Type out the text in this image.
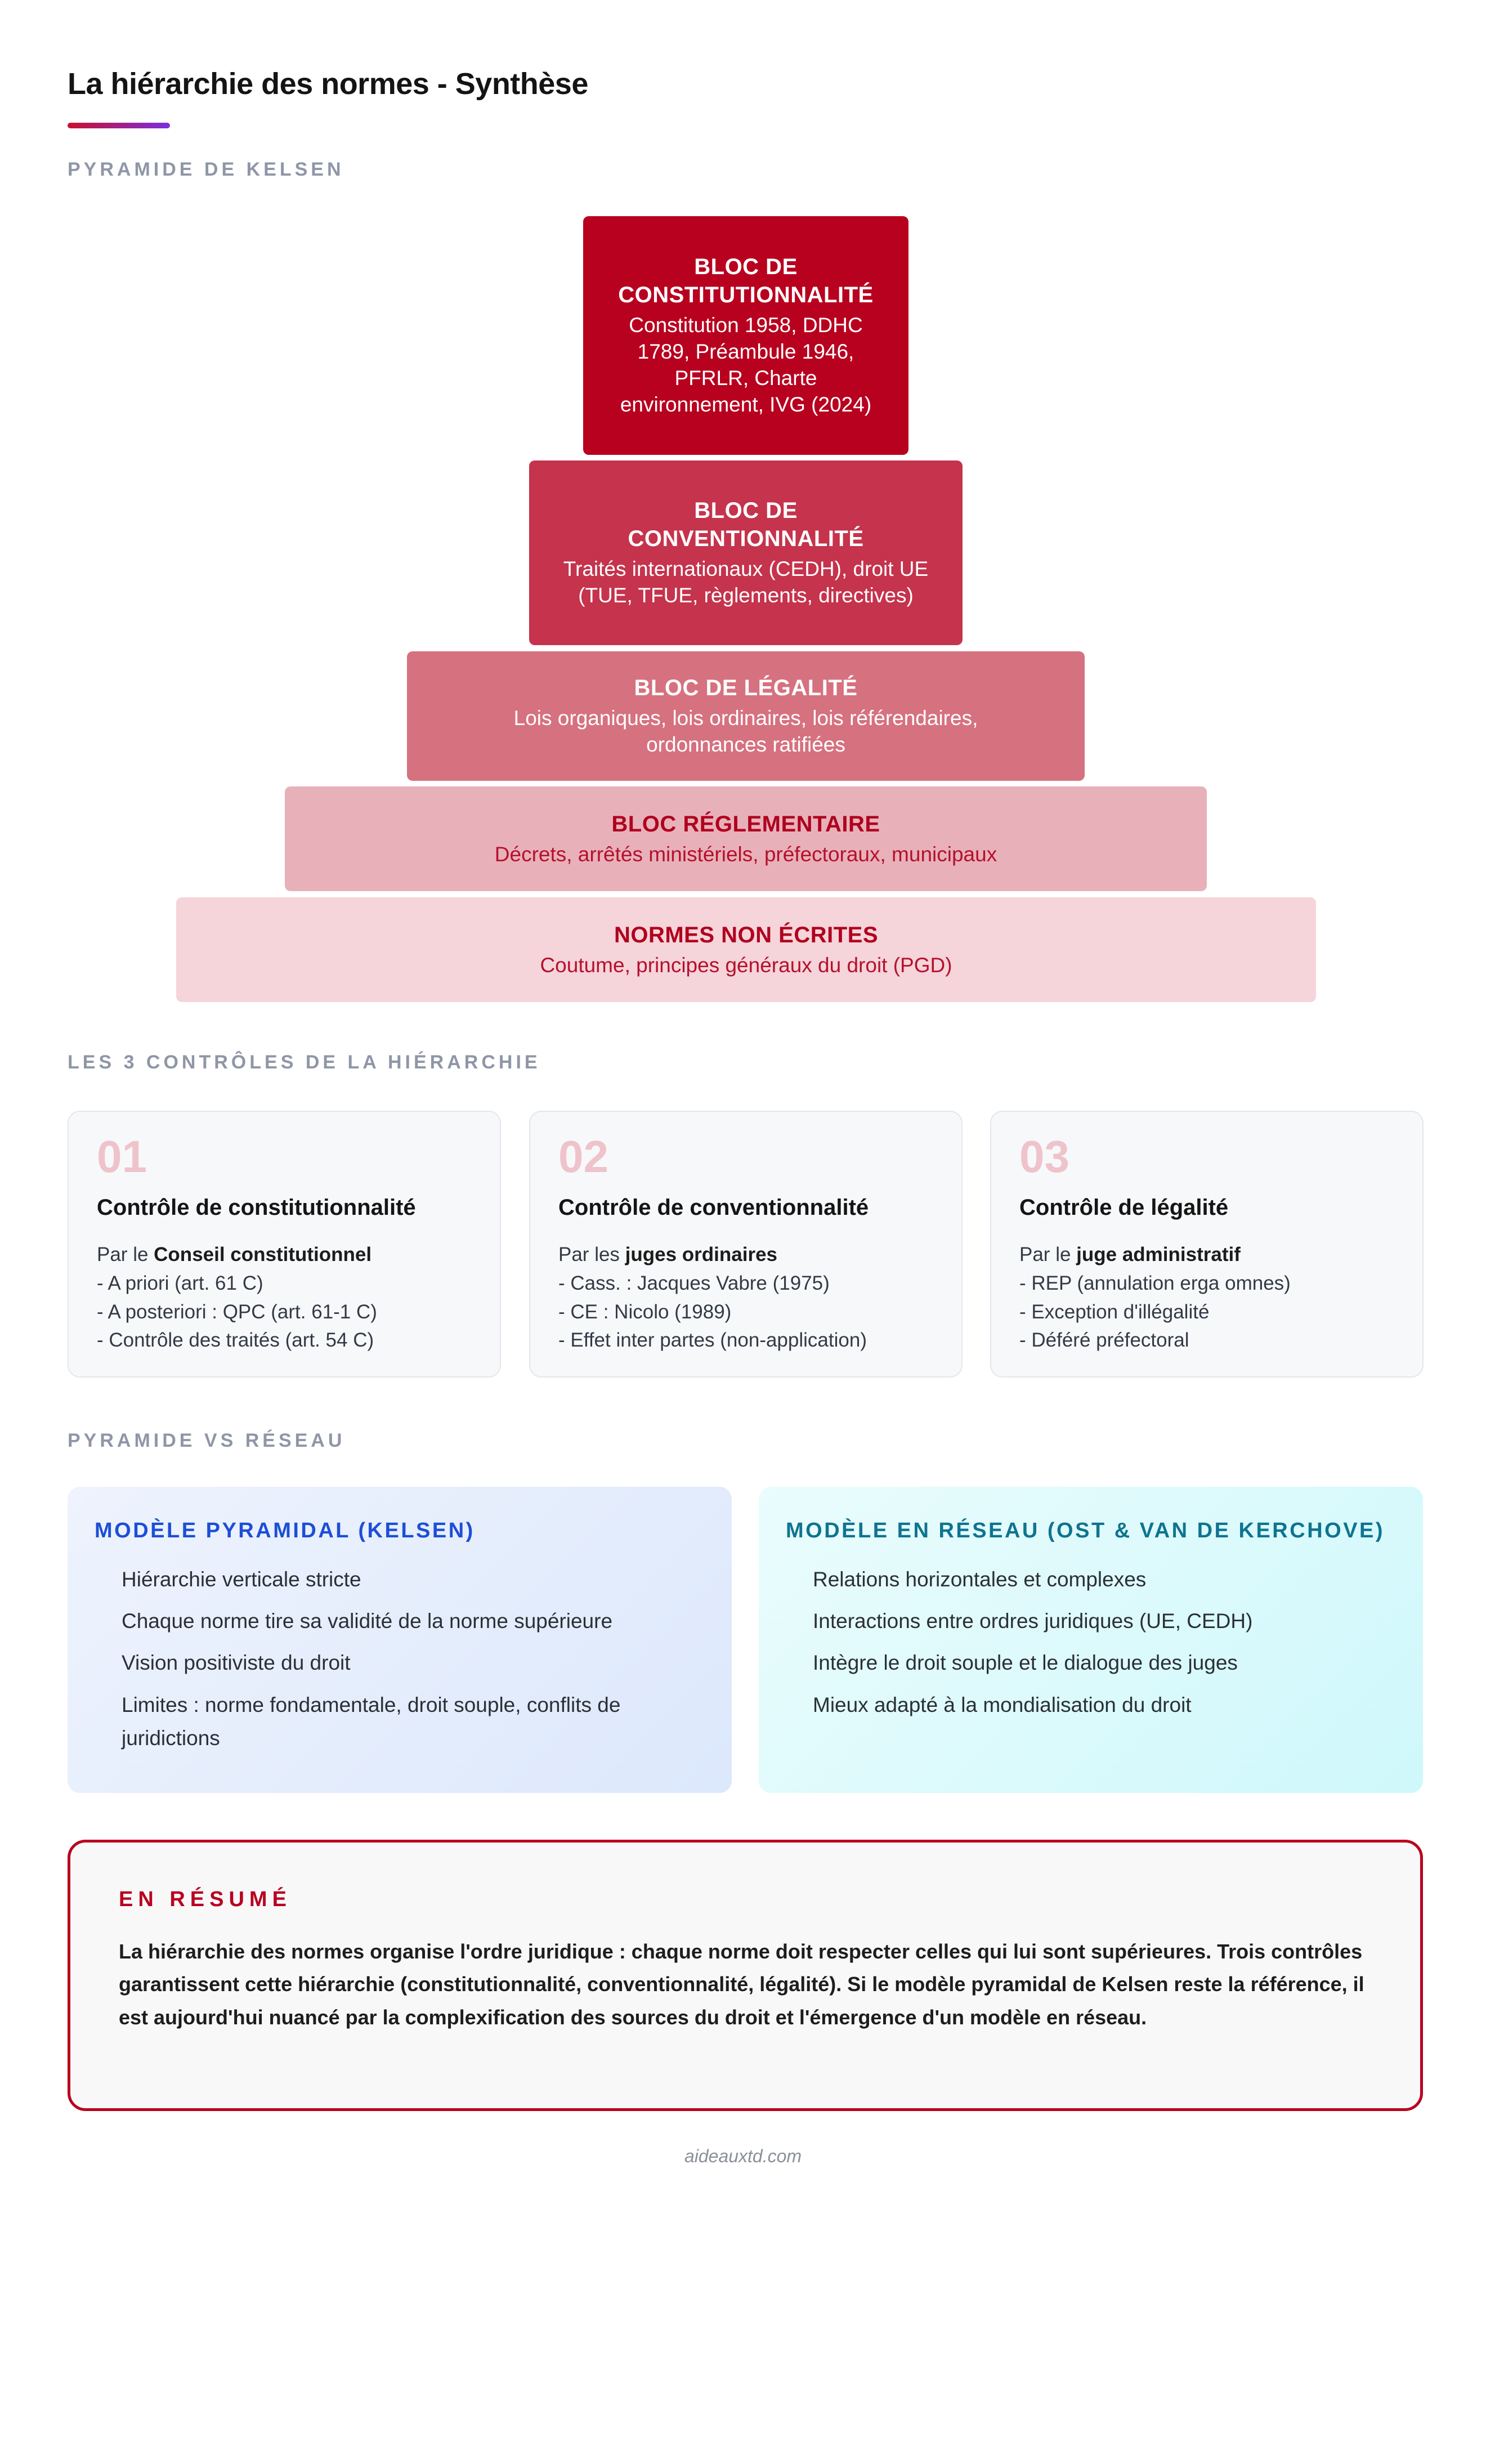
La hiérarchie des normes - Synthèse
PYRAMIDE DE KELSEN
BLOC DE CONSTITUTIONNALITÉ
Constitution 1958, DDHC 1789, Préambule 1946, PFRLR, Charte environnement, IVG (2024)
BLOC DE CONVENTIONNALITÉ
Traités internationaux (CEDH), droit UE (TUE, TFUE, règlements, directives)
BLOC DE LÉGALITÉ
Lois organiques, lois ordinaires, lois référendaires, ordonnances ratifiées
BLOC RÉGLEMENTAIRE
Décrets, arrêtés ministériels, préfectoraux, municipaux
NORMES NON ÉCRITES
Coutume, principes généraux du droit (PGD)
LES 3 CONTRÔLES DE LA HIÉRARCHIE
01
Contrôle de constitutionnalité
Par le Conseil constitutionnel
- A priori (art. 61 C)
- A posteriori : QPC (art. 61-1 C)
- Contrôle des traités (art. 54 C)
02
Contrôle de conventionnalité
Par les juges ordinaires
- Cass. : Jacques Vabre (1975)
- CE : Nicolo (1989)
- Effet inter partes (non-application)
03
Contrôle de légalité
Par le juge administratif
- REP (annulation erga omnes)
- Exception d'illégalité
- Déféré préfectoral
PYRAMIDE VS RÉSEAU
MODÈLE PYRAMIDAL (KELSEN)
Hiérarchie verticale stricte
Chaque norme tire sa validité de la norme supérieure
Vision positiviste du droit
Limites : norme fondamentale, droit souple, conflits de juridictions
MODÈLE EN RÉSEAU (OST & VAN DE KERCHOVE)
Relations horizontales et complexes
Interactions entre ordres juridiques (UE, CEDH)
Intègre le droit souple et le dialogue des juges
Mieux adapté à la mondialisation du droit
EN RÉSUMÉ
La hiérarchie des normes organise l'ordre juridique : chaque norme doit respecter celles qui lui sont supérieures. Trois contrôles garantissent cette hiérarchie (constitutionnalité, conventionnalité, légalité). Si le modèle pyramidal de Kelsen reste la référence, il est aujourd'hui nuancé par la complexification des sources du droit et l'émergence d'un modèle en réseau.
aideauxtd.com
